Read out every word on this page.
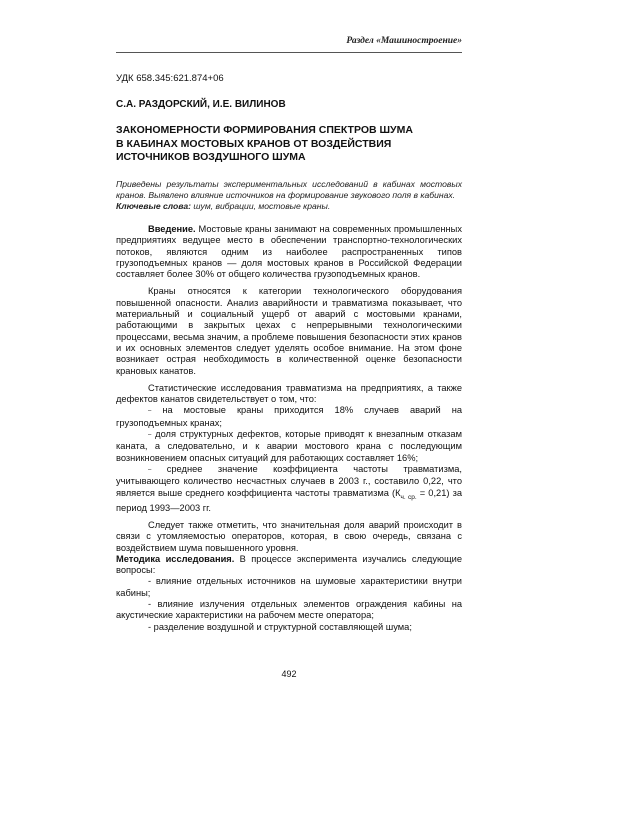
Раздел «Машиностроение»
УДК 658.345:621.874+06
С.А. РАЗДОРСКИЙ, И.Е. ВИЛИНОВ
ЗАКОНОМЕРНОСТИ ФОРМИРОВАНИЯ СПЕКТРОВ ШУМА
В КАБИНАХ МОСТОВЫХ КРАНОВ ОТ ВОЗДЕЙСТВИЯ
ИСТОЧНИКОВ ВОЗДУШНОГО ШУМА
Приведены результаты экспериментальных исследований в кабинах мостовых кранов. Выявлено влияние источников на формирование звукового поля в кабинах.
Ключевые слова: шум, вибрации, мостовые краны.

Введение. Мостовые краны занимают на современных промышленных предприятиях ведущее место в обеспечении транспортно-технологических потоков, являются одним из наиболее распространенных типов грузоподъемных кранов — доля мостовых кранов в Российской Федерации составляет более 30% от общего количества грузоподъемных кранов.

Краны относятся к категории технологического оборудования повышенной опасности. Анализ аварийности и травматизма показывает, что материальный и социальный ущерб от аварий с мостовыми кранами, работающими в закрытых цехах с непрерывными технологическими процессами, весьма значим, а проблеме повышения безопасности этих кранов и их основных элементов следует уделять особое внимание. На этом фоне возникает острая необходимость в количественной оценке безопасности крановых канатов.

Статистические исследования травматизма на предприятиях, а также дефектов канатов свидетельствует о том, что:

– на мостовые краны приходится 18% случаев аварий на грузоподъемных кранах;

– доля структурных дефектов, которые приводят к внезапным отказам каната, а следовательно, и к аварии мостового крана с последующим возникновением опасных ситуаций для работающих составляет 16%;

– среднее значение коэффициента частоты травматизма, учитывающего количество несчастных случаев в 2003 г., составило 0,22, что является выше среднего коэффициента частоты травматизма $(К_{ч. ср.} = 0,21)$ за период 1993—2003 гг.

Следует также отметить, что значительная доля аварий происходит в связи с утомляемостью операторов, которая, в свою очередь, связана с воздействием шума повышенного уровня.

Методика исследования. В процессе эксперимента изучались следующие вопросы:

- влияние отдельных источников на шумовые характеристики внутри кабины;

- влияние излучения отдельных элементов ограждения кабины на акустические характеристики на рабочем месте оператора;

- разделение воздушной и структурной составляющей шума;

492
